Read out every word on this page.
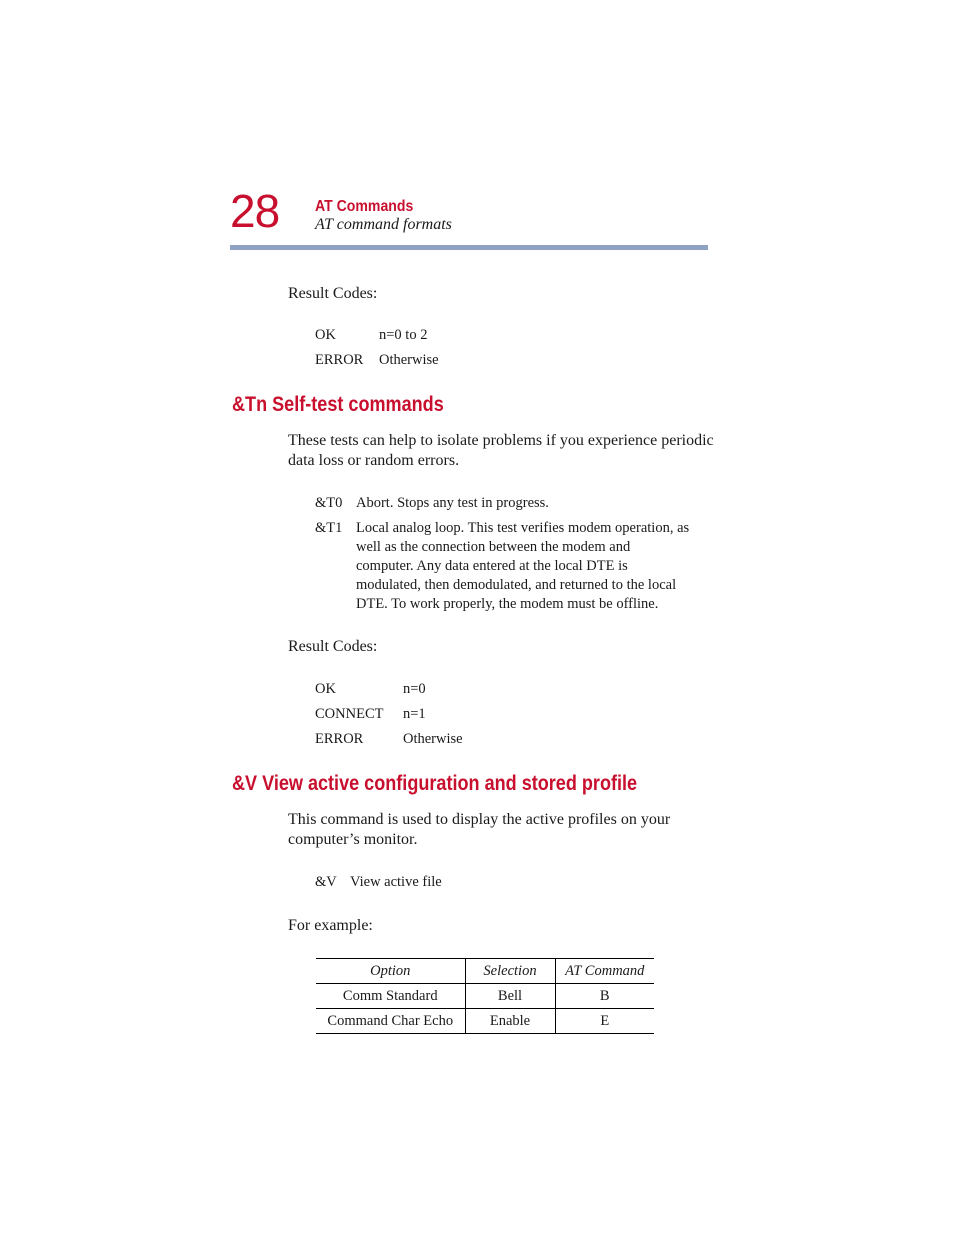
28 AT Commands
AT command formats
Result Codes:
OK	n=0 to 2
ERROR Otherwise
&Tn Self-test commands
These tests can help to isolate problems if you experience periodic
data loss or random errors.
&T0 Abort. Stops any test in progress.
&T1 Local analog loop. This test verifies modem operation, as
well as the connection between the modem and
computer. Any data entered at the local DTE is
modulated, then demodulated, and returned to the local
DTE. To work properly, the modem must be offline.
Result Codes:
OK	n=0
CONNECT n=1
ERROR	Otherwise
&V View active configuration and stored profile
This command is used to display the active profiles on your
computer’s monitor.
&V View active file
For example:
Option	Selection	AT Command
Comm Standard	Bell	B
Command Char Echo	Enable	E
